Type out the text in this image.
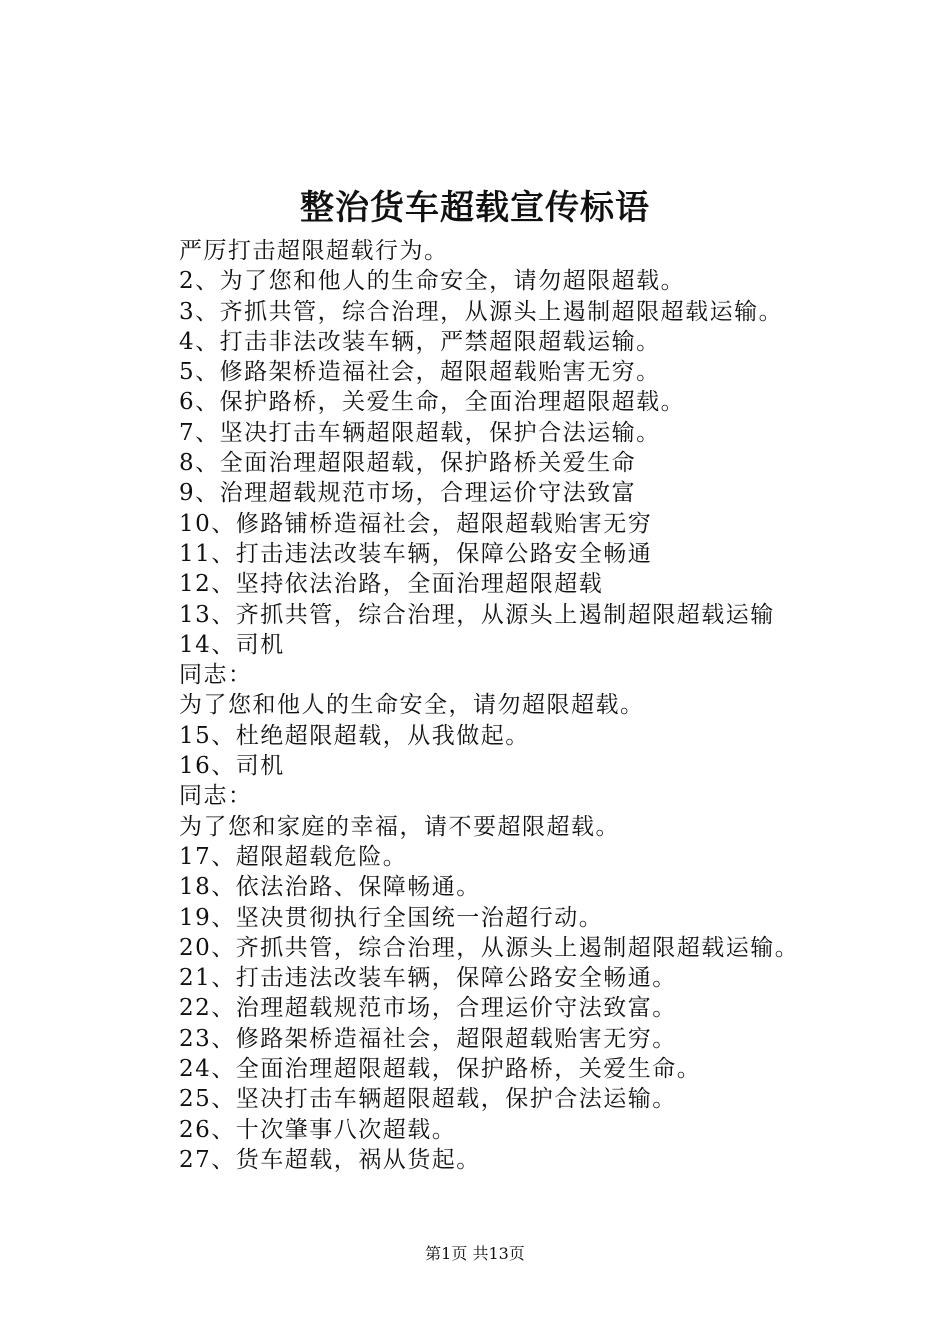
整治货车超载宣传标语
严厉打击超限超载行为。
2、为了您和他人的生命安全，请勿超限超载。
3、齐抓共管，综合治理，从源头上遏制超限超载运输。
4、打击非法改装车辆，严禁超限超载运输。
5、修路架桥造福社会，超限超载贻害无穷。
6、保护路桥，关爱生命，全面治理超限超载。
7、坚决打击车辆超限超载，保护合法运输。
8、全面治理超限超载，保护路桥关爱生命
9、治理超载规范市场，合理运价守法致富
10、修路铺桥造福社会，超限超载贻害无穷
11、打击违法改装车辆，保障公路安全畅通
12、坚持依法治路，全面治理超限超载
13、齐抓共管，综合治理，从源头上遏制超限超载运输
14、司机
同志：
为了您和他人的生命安全，请勿超限超载。
15、杜绝超限超载，从我做起。
16、司机
同志：
为了您和家庭的幸福，请不要超限超载。
17、超限超载危险。
18、依法治路、保障畅通。
19、坚决贯彻执行全国统一治超行动。
20、齐抓共管，综合治理，从源头上遏制超限超载运输。
21、打击违法改装车辆，保障公路安全畅通。
22、治理超载规范市场，合理运价守法致富。
23、修路架桥造福社会，超限超载贻害无穷。
24、全面治理超限超载，保护路桥，关爱生命。
25、坚决打击车辆超限超载，保护合法运输。
26、十次肇事八次超载。
27、货车超载，祸从货起。
第1页 共13页
